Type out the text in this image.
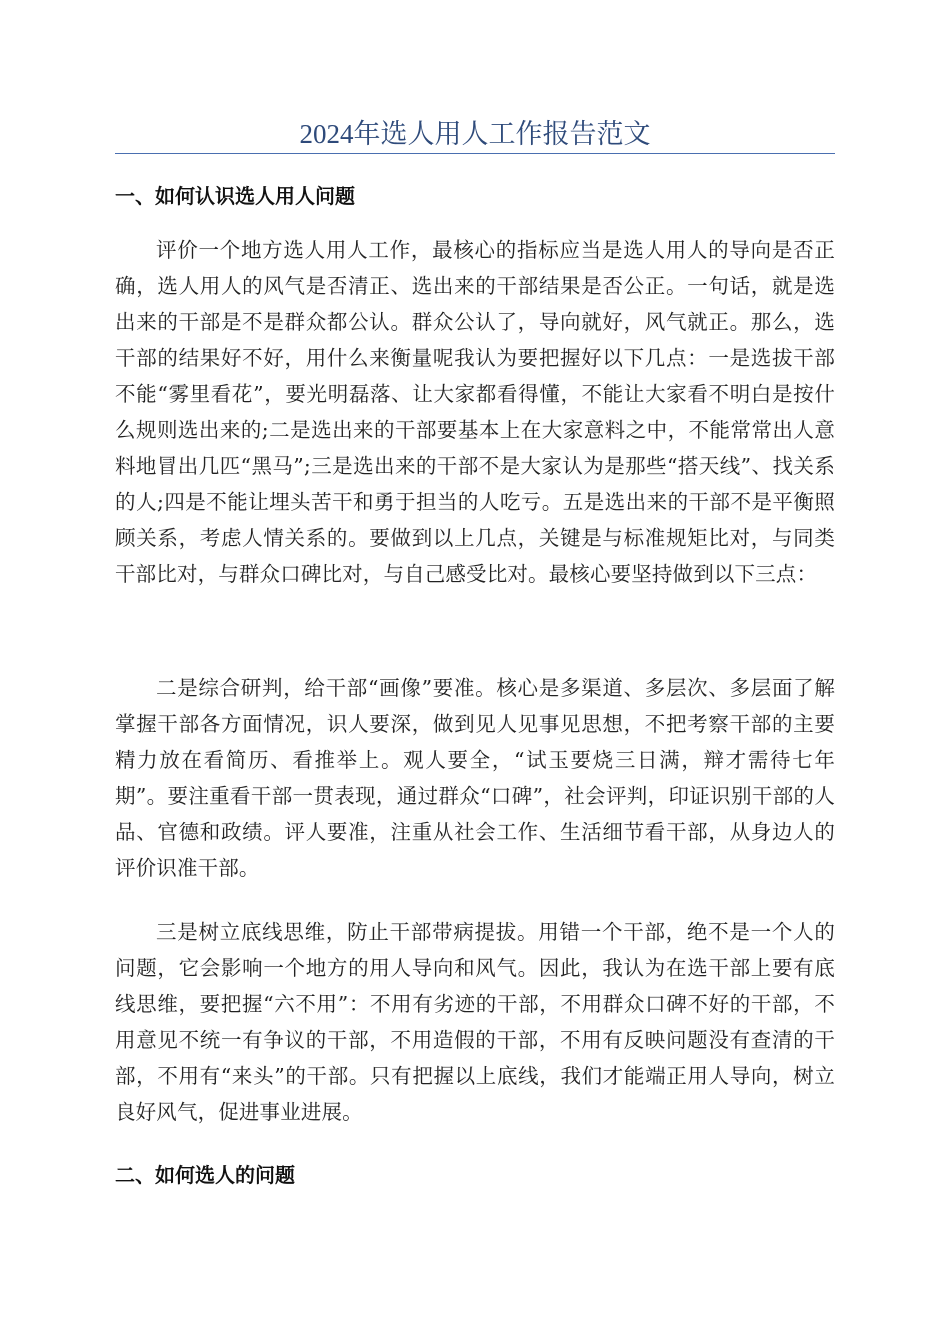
2024年选人用人工作报告范文
一、如何认识选人用人问题

评价一个地方选人用人工作，最核心的指标应当是选人用人的导向是否正确，选人用人的风气是否清正、选出来的干部结果是否公正。一句话，就是选出来的干部是不是群众都公认。群众公认了，导向就好，风气就正。那么，选干部的结果好不好，用什么来衡量呢我认为要把握好以下几点：一是选拔干部不能“雾里看花”，要光明磊落、让大家都看得懂，不能让大家看不明白是按什么规则选出来的;二是选出来的干部要基本上在大家意料之中，不能常常出人意料地冒出几匹“黑马”;三是选出来的干部不是大家认为是那些“搭天线”、找关系的人;四是不能让埋头苦干和勇于担当的人吃亏。五是选出来的干部不是平衡照顾关系，考虑人情关系的。要做到以上几点，关键是与标准规矩比对，与同类干部比对，与群众口碑比对，与自己感受比对。最核心要坚持做到以下三点：

二是综合研判，给干部“画像”要准。核心是多渠道、多层次、多层面了解掌握干部各方面情况，识人要深，做到见人见事见思想，不把考察干部的主要精力放在看简历、看推举上。观人要全，“试玉要烧三日满，辩才需待七年期”。要注重看干部一贯表现，通过群众“口碑”，社会评判，印证识别干部的人品、官德和政绩。评人要准，注重从社会工作、生活细节看干部，从身边人的评价识准干部。

三是树立底线思维，防止干部带病提拔。用错一个干部，绝不是一个人的问题，它会影响一个地方的用人导向和风气。因此，我认为在选干部上要有底线思维，要把握“六不用”：不用有劣迹的干部，不用群众口碑不好的干部，不用意见不统一有争议的干部，不用造假的干部，不用有反映问题没有查清的干部，不用有“来头”的干部。只有把握以上底线，我们才能端正用人导向，树立良好风气，促进事业进展。

二、如何选人的问题
